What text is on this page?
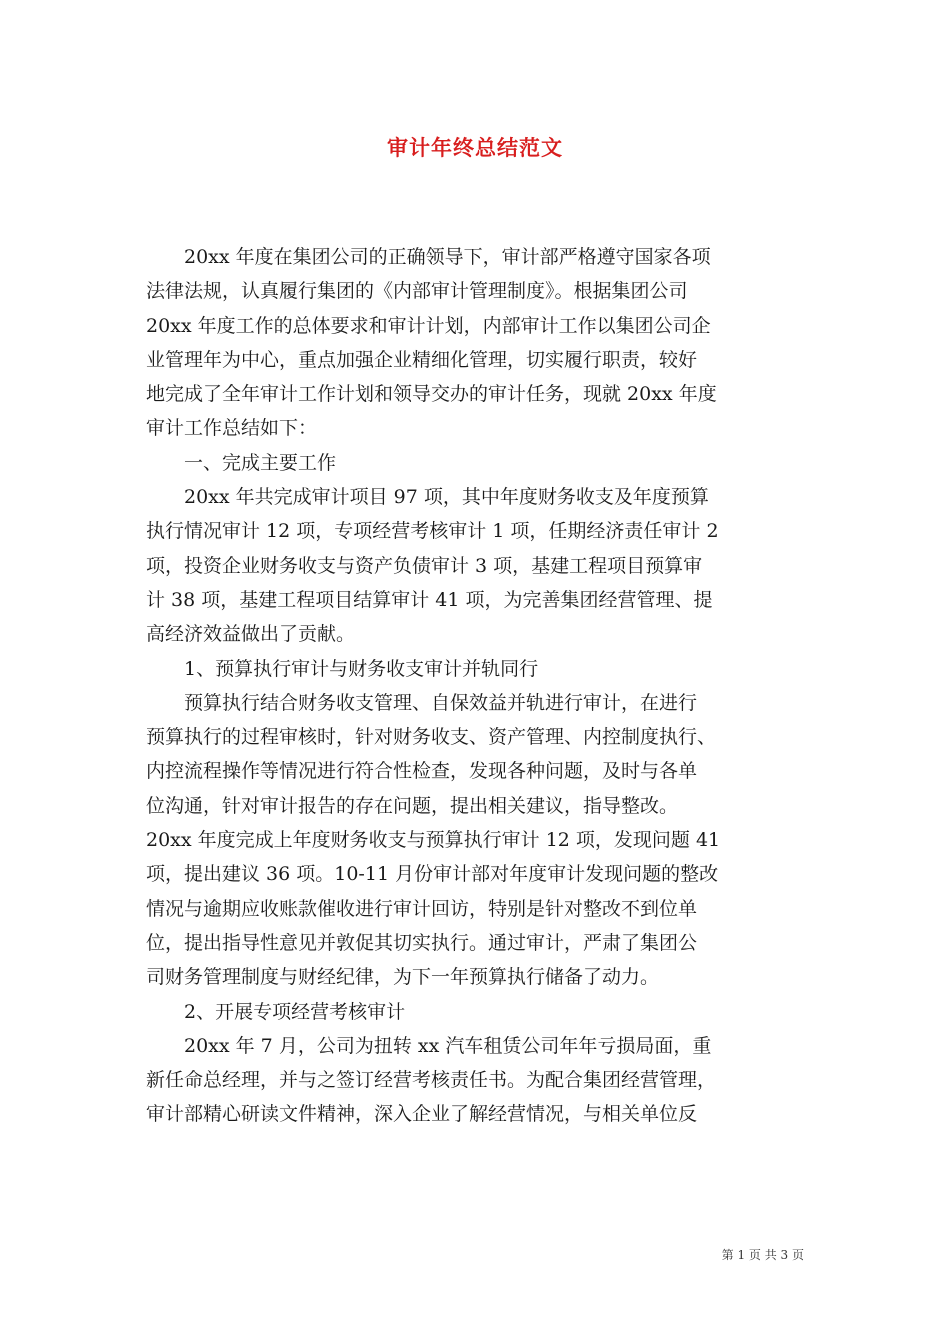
审计年终总结范文
　　20xx 年度在集团公司的正确领导下，审计部严格遵守国家各项
法律法规，认真履行集团的《内部审计管理制度》。根据集团公司
20xx 年度工作的总体要求和审计计划，内部审计工作以集团公司企
业管理年为中心，重点加强企业精细化管理，切实履行职责，较好
地完成了全年审计工作计划和领导交办的审计任务，现就 20xx 年度
审计工作总结如下：
　　一、完成主要工作
　　20xx 年共完成审计项目 97 项，其中年度财务收支及年度预算
执行情况审计 12 项，专项经营考核审计 1 项，任期经济责任审计 2
项，投资企业财务收支与资产负债审计 3 项，基建工程项目预算审
计 38 项，基建工程项目结算审计 41 项，为完善集团经营管理、提
高经济效益做出了贡献。
　　1、预算执行审计与财务收支审计并轨同行
　　预算执行结合财务收支管理、自保效益并轨进行审计，在进行
预算执行的过程审核时，针对财务收支、资产管理、内控制度执行、
内控流程操作等情况进行符合性检查，发现各种问题，及时与各单
位沟通，针对审计报告的存在问题，提出相关建议，指导整改。
20xx 年度完成上年度财务收支与预算执行审计 12 项，发现问题 41
项，提出建议 36 项。10-11 月份审计部对年度审计发现问题的整改
情况与逾期应收账款催收进行审计回访，特别是针对整改不到位单
位，提出指导性意见并敦促其切实执行。通过审计，严肃了集团公
司财务管理制度与财经纪律，为下一年预算执行储备了动力。
　　2、开展专项经营考核审计
　　20xx 年 7 月，公司为扭转 xx 汽车租赁公司年年亏损局面，重
新任命总经理，并与之签订经营考核责任书。为配合集团经营管理，
审计部精心研读文件精神，深入企业了解经营情况，与相关单位反
第 1 页 共 3 页
